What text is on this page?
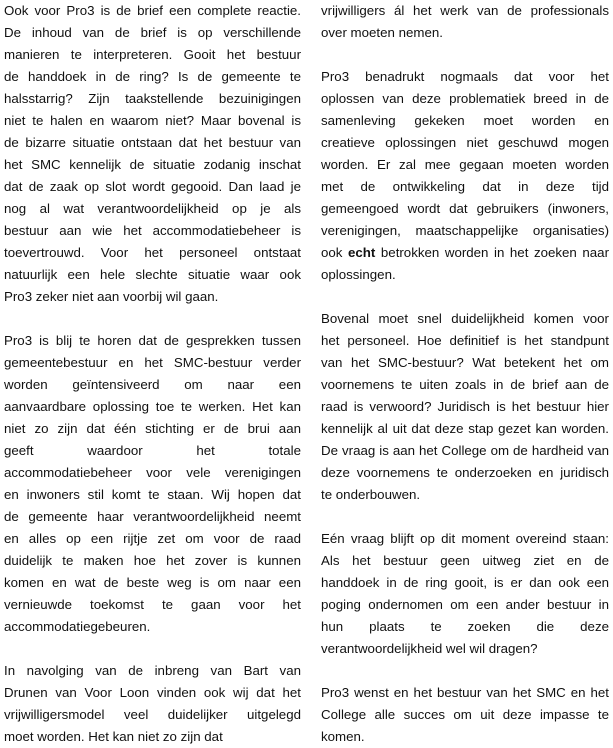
Ook voor Pro3 is de brief een complete reactie.
De inhoud van de brief is op verschillende
manieren te interpreteren. Gooit het bestuur
de handdoek in de ring? Is de gemeente te
halsstarrig? Zijn taakstellende bezuinigingen
niet te halen en waarom niet? Maar bovenal is
de bizarre situatie ontstaan dat het bestuur van
het SMC kennelijk de situatie zodanig inschat
dat de zaak op slot wordt gegooid. Dan laad je
nog al wat verantwoordelijkheid op je als
bestuur aan wie het accommodatiebeheer is
toevertrouwd. Voor het personeel ontstaat
natuurlijk een hele slechte situatie waar ook
Pro3 zeker niet aan voorbij wil gaan.
Pro3 is blij te horen dat de gesprekken tussen
gemeentebestuur en het SMC-bestuur verder
worden geïntensiveerd om naar een
aanvaardbare oplossing toe te werken. Het kan
niet zo zijn dat één stichting er de brui aan
geeft waardoor het totale
accommodatiebeheer voor vele verenigingen
en inwoners stil komt te staan. Wij hopen dat
de gemeente haar verantwoordelijkheid neemt
en alles op een rijtje zet om voor de raad
duidelijk te maken hoe het zover is kunnen
komen en wat de beste weg is om naar een
vernieuwde toekomst te gaan voor het
accommodatiegebeuren.
In navolging van de inbreng van Bart van
Drunen van Voor Loon vinden ook wij dat het
vrijwilligersmodel veel duidelijker uitgelegd
moet worden. Het kan niet zo zijn dat
vrijwilligers ál het werk van de professionals
over moeten nemen.
Pro3 benadrukt nogmaals dat voor het
oplossen van deze problematiek breed in de
samenleving gekeken moet worden en
creatieve oplossingen niet geschuwd mogen
worden. Er zal mee gegaan moeten worden
met de ontwikkeling dat in deze tijd
gemeengoed wordt dat gebruikers (inwoners,
verenigingen, maatschappelijke organisaties)
ook echt betrokken worden in het zoeken naar
oplossingen.
Bovenal moet snel duidelijkheid komen voor
het personeel. Hoe definitief is het standpunt
van het SMC-bestuur? Wat betekent het om
voornemens te uiten zoals in de brief aan de
raad is verwoord? Juridisch is het bestuur hier
kennelijk al uit dat deze stap gezet kan worden.
De vraag is aan het College om de hardheid van
deze voornemens te onderzoeken en juridisch
te onderbouwen.
Eén vraag blijft op dit moment overeind staan:
Als het bestuur geen uitweg ziet en de
handdoek in de ring gooit, is er dan ook een
poging ondernomen om een ander bestuur in
hun plaats te zoeken die deze
verantwoordelijkheid wel wil dragen?
Pro3 wenst en het bestuur van het SMC en het
College alle succes om uit deze impasse te
komen.
